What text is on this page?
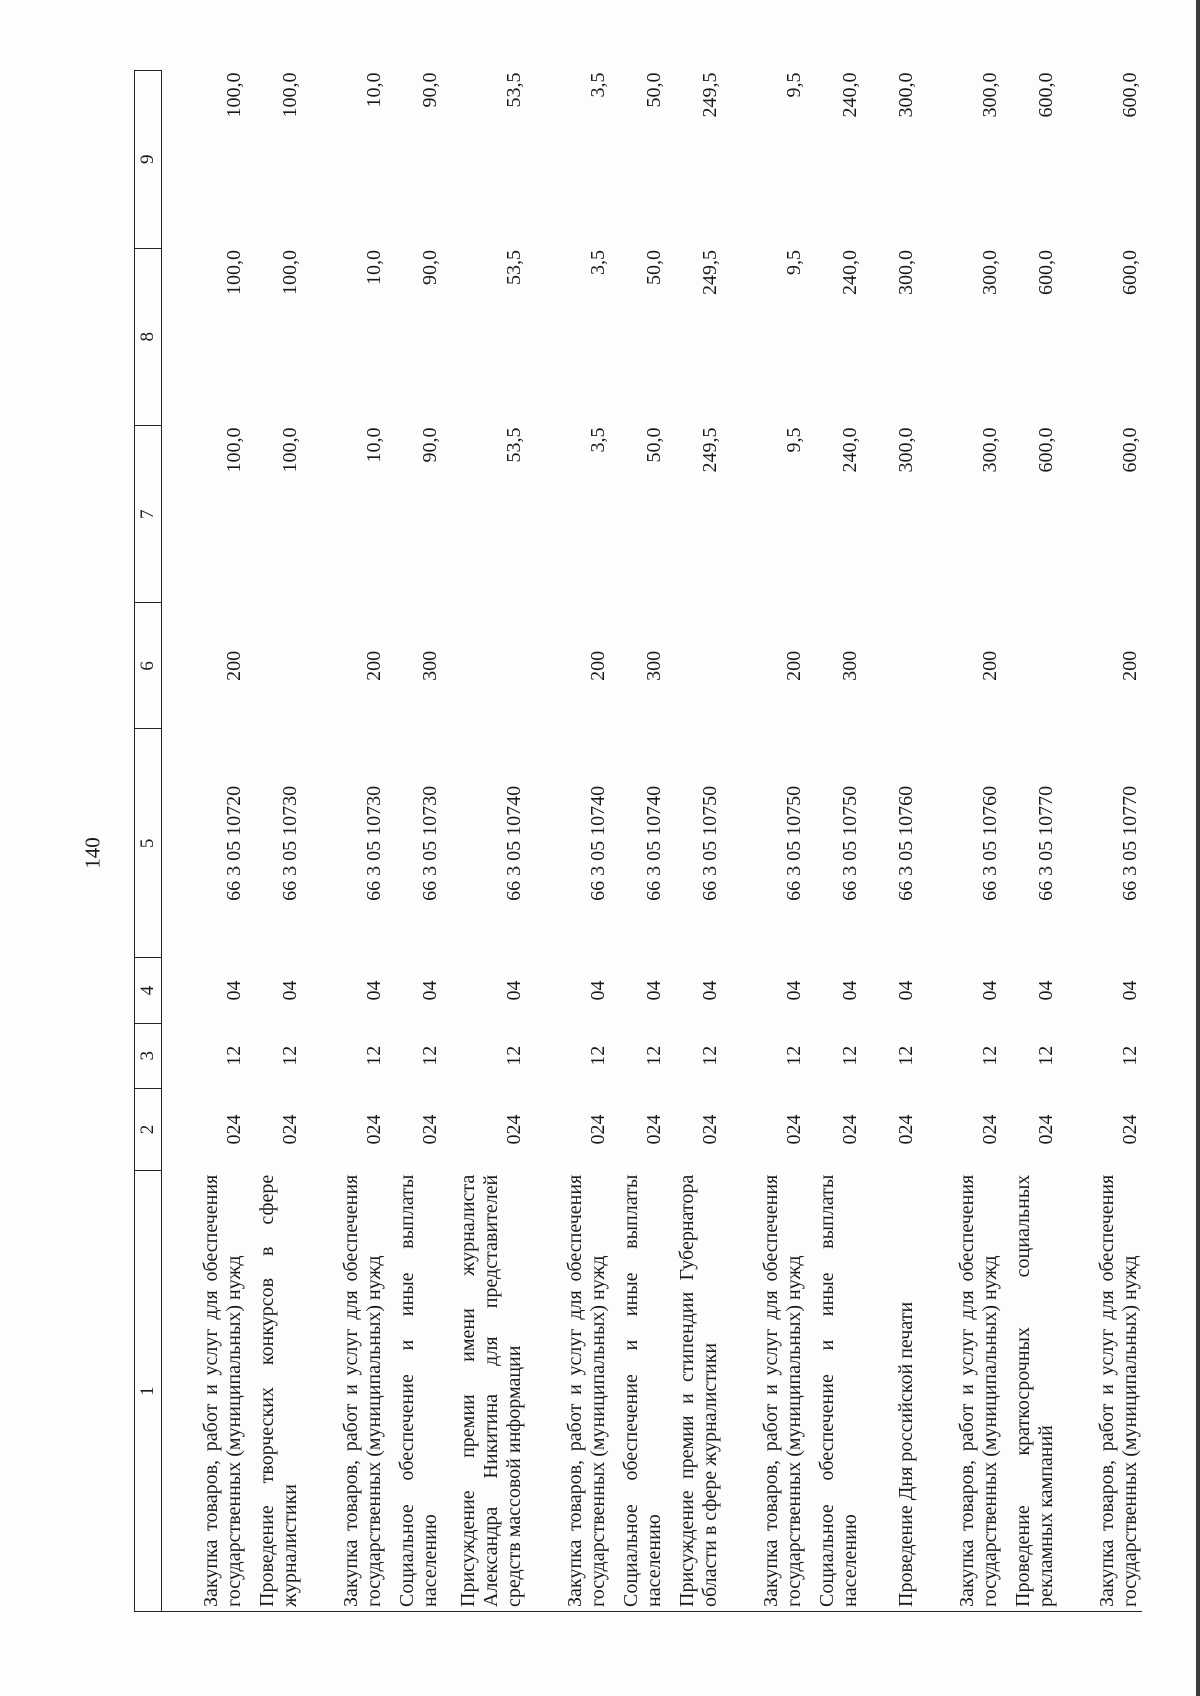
140
1	2	3	4	5	6	7	8	9
Закупка товаров, работ и услуг для обеспечения государственных (муниципальных) нужд	024	12	04	66 3 05 10720	200	100,0	100,0	100,0
Проведение творческих конкурсов в сфере журналистики	024	12	04	66 3 05 10730		100,0	100,0	100,0
Закупка товаров, работ и услуг для обеспечения государственных (муниципальных) нужд	024	12	04	66 3 05 10730	200	10,0	10,0	10,0
Социальное обеспечение и иные выплаты населению	024	12	04	66 3 05 10730	300	90,0	90,0	90,0
Присуждение премии имени журналиста Александра Никитина для представителей средств массовой информации	024	12	04	66 3 05 10740		53,5	53,5	53,5
Закупка товаров, работ и услуг для обеспечения государственных (муниципальных) нужд	024	12	04	66 3 05 10740	200	3,5	3,5	3,5
Социальное обеспечение и иные выплаты населению	024	12	04	66 3 05 10740	300	50,0	50,0	50,0
Присуждение премии и стипендии Губернатора области в сфере журналистики	024	12	04	66 3 05 10750		249,5	249,5	249,5
Закупка товаров, работ и услуг для обеспечения государственных (муниципальных) нужд	024	12	04	66 3 05 10750	200	9,5	9,5	9,5
Социальное обеспечение и иные выплаты населению	024	12	04	66 3 05 10750	300	240,0	240,0	240,0
Проведение Дня российской печати	024	12	04	66 3 05 10760		300,0	300,0	300,0
Закупка товаров, работ и услуг для обеспечения государственных (муниципальных) нужд	024	12	04	66 3 05 10760	200	300,0	300,0	300,0
Проведение краткосрочных социальных рекламных кампаний	024	12	04	66 3 05 10770		600,0	600,0	600,0
Закупка товаров, работ и услуг для обеспечения государственных (муниципальных) нужд	024	12	04	66 3 05 10770	200	600,0	600,0	600,0
